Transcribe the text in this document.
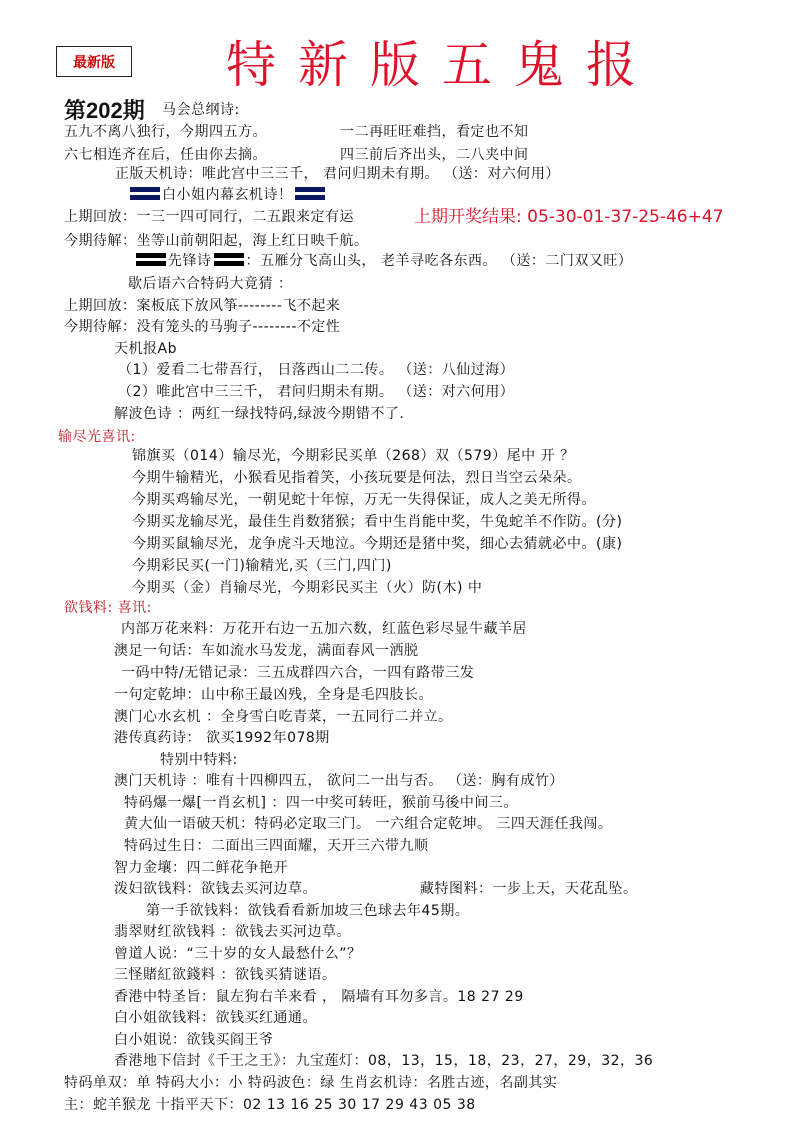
最新版	特新版五鬼报
第202期 马会总纲诗:
五九不离八独行，今期四五方。	一二再旺旺难挡，看定也不知
六七相连齐在后，任由你去摘。	四三前后齐出头，二八夹中间
正版天机诗：唯此宫中三三千， 君问归期未有期。 （送：对六何用）
白小姐内幕玄机诗！
上期回放：一三一四可同行，二五跟来定有运	上期开奖结果: 05-30-01-37-25-46+47
今期待解：坐等山前朝阳起，海上红日映千航。
先锋诗 ：五雁分飞高山头， 老羊寻吃各东西。 （送：二门双又旺）
歇后语六合特码大竟猜 ：
上期回放：案板底下放风筝--------飞不起来
今期待解：没有笼头的马驹子--------不定性
天机报Ab
（1）爱看二七带吾行， 日落西山二二传。 （送：八仙过海）
（2）唯此宫中三三千， 君问归期未有期。 （送：对六何用）
解波色诗 ：两红一绿找特码,绿波今期错不了.
输尽光喜讯:
锦旗买（014）输尽光，今期彩民买单（268）双（579）尾中 开 ？
今期牛输精光，小猴看见指着笑，小孩玩要是何法，烈日当空云朵朵。
今期买鸡输尽光，一朝见蛇十年惊，万无一失得保证，成人之美无所得。
今期买龙输尽光，最佳生肖数猪猴；看中生肖能中奖，牛兔蛇羊不作防。(分)
今期买鼠输尽光，龙争虎斗天地泣。今期还是猪中奖，细心去猜就必中。(康)
今期彩民买(一门)输精光,买（三门,四门)
今期买（金）肖输尽光，今期彩民买主（火）防(木) 中
欲钱料: 喜讯:
内部万花来料：万花开右边一五加六数，红蓝色彩尽显牛藏羊居
澳足一句话：车如流水马发龙，满面春风一洒脱
一码中特/无错记录：三五成群四六合，一四有路带三发
一句定乾坤：山中称王最凶残，全身是毛四肢长。
澳门心水玄机 ：全身雪白吃青菜，一五同行二并立。
港传真药诗： 欲买1992年078期
特别中特料:
澳门天机诗 ：唯有十四柳四五， 欲问二一出与否。 （送：胸有成竹）
特码爆一爆[一肖玄机] ：四一中奖可转旺，猴前马後中间三。
黄大仙一语破天机：特码必定取三门。 一六组合定乾坤。 三四天涯任我闯。
特码过生日：二面出三四面耀，天开三六带九顺
智力金壤：四二鲜花争艳开
泼妇欲钱料：欲钱去买河边草。	藏特图料：一步上天，天花乱坠。
第一手欲钱料：欲钱看看新加坡三色球去年45期。
翡翠财红欲钱料 ：欲钱去买河边草。
曾道人说：“三十岁的女人最愁什么”？
三怪賭紅欲錢料 ：欲钱买猜谜语。
香港中特圣旨：鼠左狗右羊来看 ， 隔墙有耳勿多言。18 27 29
白小姐欲钱料：欲钱买红通通。
白小姐说：欲钱买阎王爷
香港地下信封《千王之王》：九宝莲灯：08，13，15，18，23，27，29，32，36
特码单双：单 特码大小：小 特码波色：绿 生肖玄机诗：名胜古迹，名副其实
主：蛇羊猴龙 十指平天下：02 13 16 25 30 17 29 43 05 38
